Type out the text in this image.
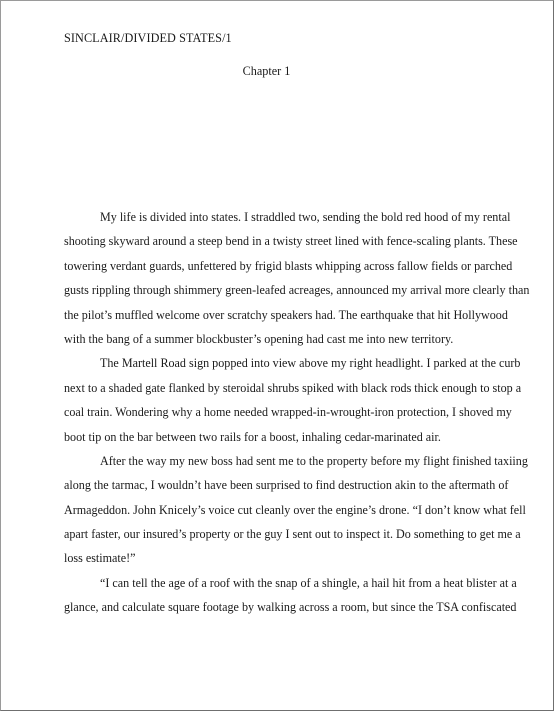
SINCLAIR/DIVIDED STATES/1
Chapter 1
My life is divided into states. I straddled two, sending the bold red hood of my rental
shooting skyward around a steep bend in a twisty street lined with fence-scaling plants. These
towering verdant guards, unfettered by frigid blasts whipping across fallow fields or parched
gusts rippling through shimmery green-leafed acreages, announced my arrival more clearly than
the pilot’s muffled welcome over scratchy speakers had. The earthquake that hit Hollywood
with the bang of a summer blockbuster’s opening had cast me into new territory.
The Martell Road sign popped into view above my right headlight. I parked at the curb
next to a shaded gate flanked by steroidal shrubs spiked with black rods thick enough to stop a
coal train. Wondering why a home needed wrapped-in-wrought-iron protection, I shoved my
boot tip on the bar between two rails for a boost, inhaling cedar-marinated air.
After the way my new boss had sent me to the property before my flight finished taxiing
along the tarmac, I wouldn’t have been surprised to find destruction akin to the aftermath of
Armageddon. John Knicely’s voice cut cleanly over the engine’s drone. “I don’t know what fell
apart faster, our insured’s property or the guy I sent out to inspect it. Do something to get me a
loss estimate!”
“I can tell the age of a roof with the snap of a shingle, a hail hit from a heat blister at a
glance, and calculate square footage by walking across a room, but since the TSA confiscated
